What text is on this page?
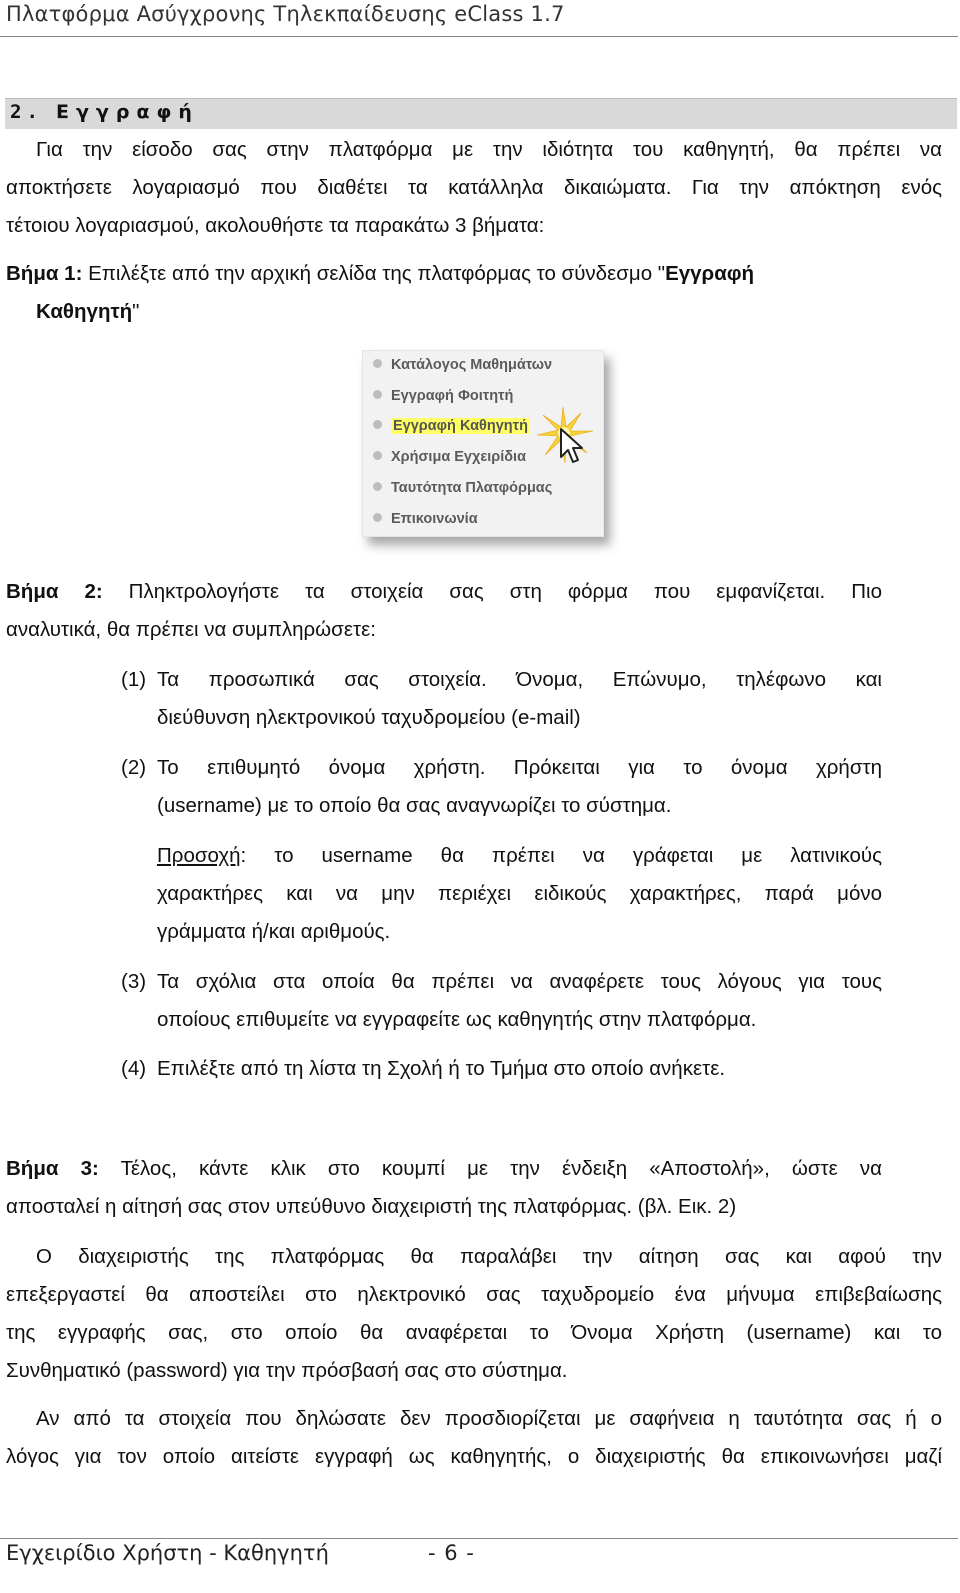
Πλατφόρμα Ασύγχρονης Τηλεκπαίδευσης eClass 1.7
2. Εγγραφή
Για την είσοδο σας στην πλατφόρμα με την ιδιότητα του καθηγητή, θα πρέπει να
αποκτήσετε λογαριασμό που διαθέτει τα κατάλληλα δικαιώματα. Για την απόκτηση ενός
τέτοιου λογαριασμού, ακολουθήστε τα παρακάτω 3 βήματα:
Βήμα 1: Επιλέξτε από την αρχική σελίδα της πλατφόρμας το σύνδεσμο "Εγγραφή
Καθηγητή"
Κατάλογος Μαθημάτων
Εγγραφή Φοιτητή
Εγγραφή Καθηγητή
Χρήσιμα Εγχειρίδια
Ταυτότητα Πλατφόρμας
Επικοινωνία
Βήμα 2: Πληκτρολογήστε τα στοιχεία σας στη φόρμα που εμφανίζεται. Πιο
αναλυτικά, θα πρέπει να συμπληρώσετε:
(1) Τα προσωπικά σας στοιχεία. Όνομα, Επώνυμο, τηλέφωνο και
διεύθυνση ηλεκτρονικού ταχυδρομείου (e-mail)
(2) Το επιθυμητό όνομα χρήστη. Πρόκειται για το όνομα χρήστη
(username) με το οποίο θα σας αναγνωρίζει το σύστημα.
Προσοχή: το username θα πρέπει να γράφεται με λατινικούς
χαρακτήρες και να μην περιέχει ειδικούς χαρακτήρες, παρά μόνο
γράμματα ή/και αριθμούς.
(3) Τα σχόλια στα οποία θα πρέπει να αναφέρετε τους λόγους για τους
οποίους επιθυμείτε να εγγραφείτε ως καθηγητής στην πλατφόρμα.
(4) Επιλέξτε από τη λίστα τη Σχολή ή το Τμήμα στο οποίο ανήκετε.
Βήμα 3: Τέλος, κάντε κλικ στο κουμπί με την ένδειξη «Αποστολή», ώστε να
αποσταλεί η αίτησή σας στον υπεύθυνο διαχειριστή της πλατφόρμας. (βλ. Εικ. 2)
Ο διαχειριστής της πλατφόρμας θα παραλάβει την αίτηση σας και αφού την
επεξεργαστεί θα αποστείλει στο ηλεκτρονικό σας ταχυδρομείο ένα μήνυμα επιβεβαίωσης
της εγγραφής σας, στο οποίο θα αναφέρεται το Όνομα Χρήστη (username) και το
Συνθηματικό (password) για την πρόσβασή σας στο σύστημα.
Αν από τα στοιχεία που δηλώσατε δεν προσδιορίζεται με σαφήνεια η ταυτότητα σας ή ο
λόγος για τον οποίο αιτείστε εγγραφή ως καθηγητής, ο διαχειριστής θα επικοινωνήσει μαζί
Εγχειρίδιο Χρήστη - Καθηγητή	- 6 -
